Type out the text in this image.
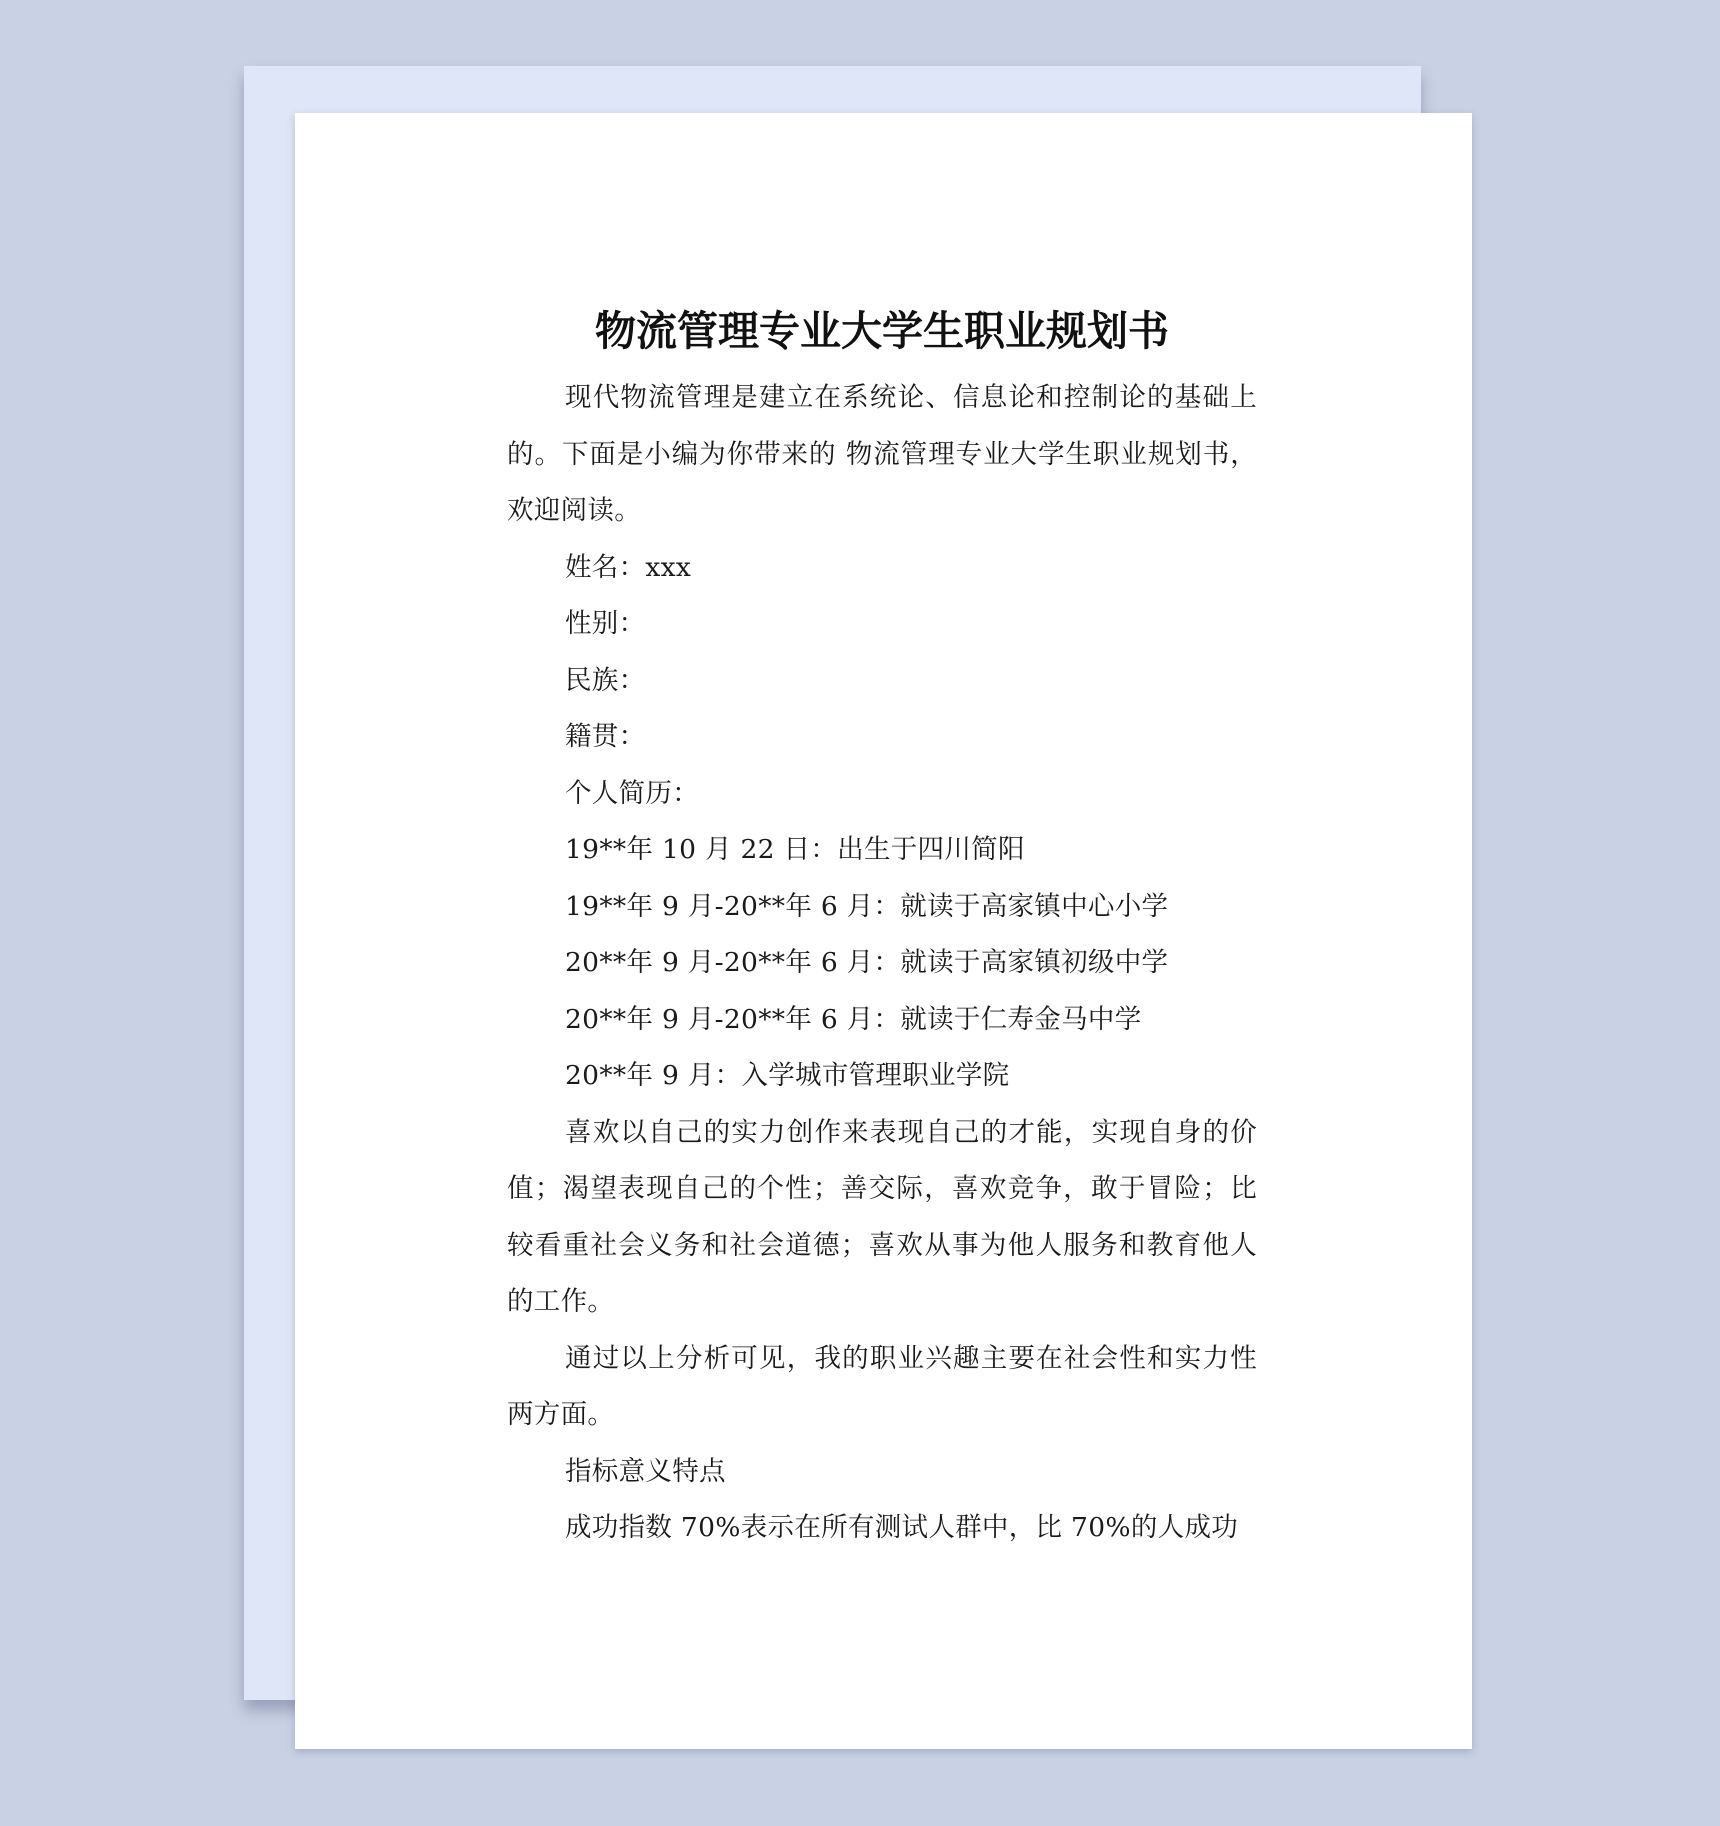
物流管理专业大学生职业规划书

现代物流管理是建立在系统论、信息论和控制论的基础上的。下面是小编为你带来的 物流管理专业大学生职业规划书，欢迎阅读。

姓名：xxx

性别：

民族：

籍贯：

个人简历：

19**年 10 月 22 日：出生于四川简阳

19**年 9 月-20**年 6 月：就读于高家镇中心小学

20**年 9 月-20**年 6 月：就读于高家镇初级中学

20**年 9 月-20**年 6 月：就读于仁寿金马中学

20**年 9 月：入学城市管理职业学院

喜欢以自己的实力创作来表现自己的才能，实现自身的价值；渴望表现自己的个性；善交际，喜欢竞争，敢于冒险；比较看重社会义务和社会道德；喜欢从事为他人服务和教育他人的工作。

通过以上分析可见，我的职业兴趣主要在社会性和实力性两方面。

指标意义特点

成功指数 70%表示在所有测试人群中，比 70%的人成功
